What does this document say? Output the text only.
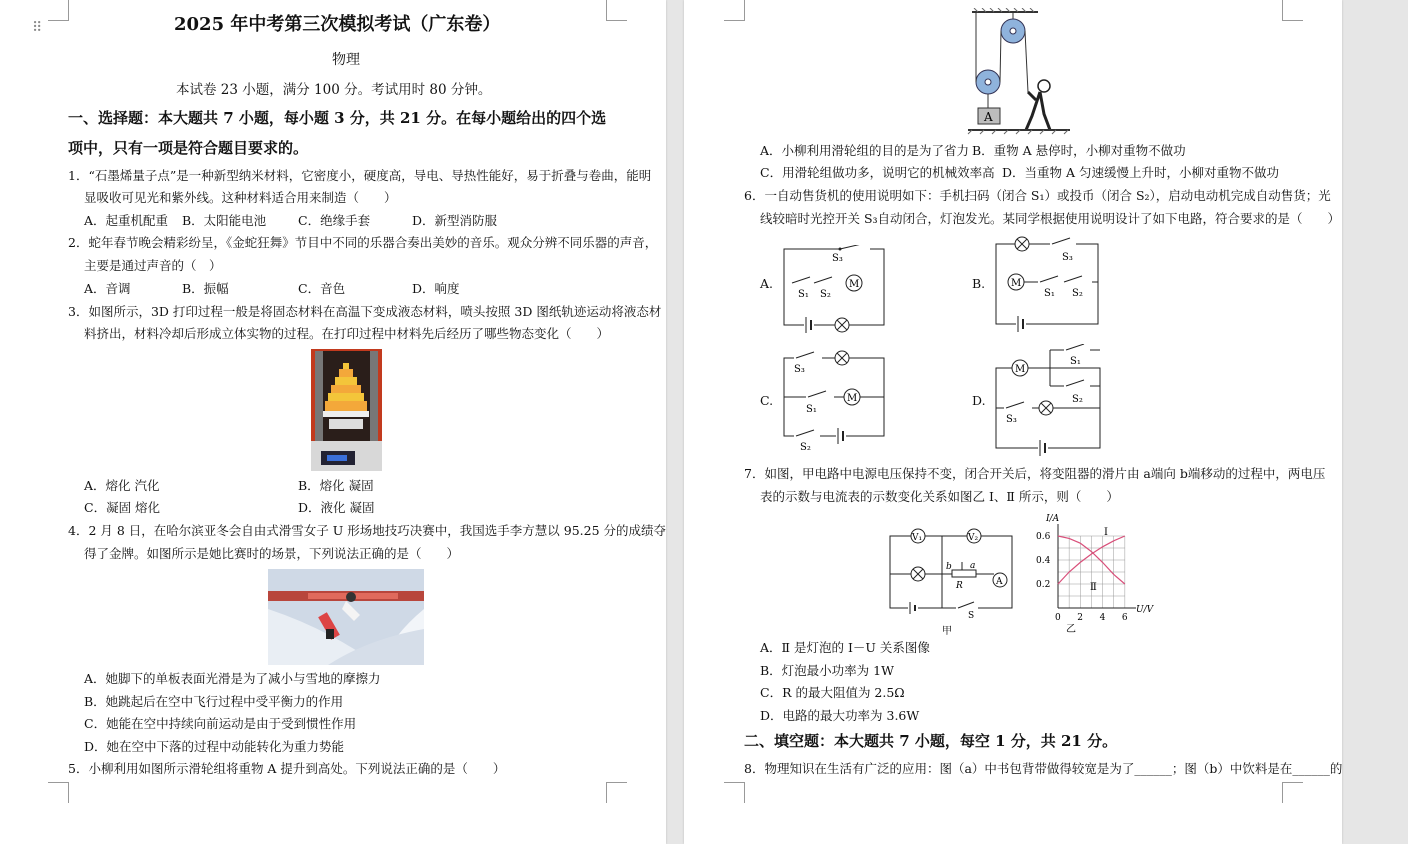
⠿	2025 年中考第三次模拟考试（广东卷）
物理
本试卷 23 小题，满分 100 分。考试用时 80 分钟。
一、选择题：本大题共 7 小题，每小题 3 分，共 21 分。在每小题给出的四个选
项中，只有一项是符合题目要求的。
1．“石墨烯量子点”是一种新型纳米材料，它密度小，硬度高，导电、导热性能好，易于折叠与卷曲，能明
显吸收可见光和紫外线。这种材料适合用来制造（　　）
A．起重机配重 B．太阳能电池	C．绝缘手套	D．新型消防服
2．蛇年春节晚会精彩纷呈，《金蛇狂舞》节目中不同的乐器合奏出美妙的音乐。观众分辨不同乐器的声音，
主要是通过声音的（　）
A．音调	B．振幅	C．音色	D．响度
3．如图所示，3D 打印过程一般是将固态材料在高温下变成液态材料，喷头按照 3D 图纸轨迹运动将液态材
料挤出，材料冷却后形成立体实物的过程。在打印过程中材料先后经历了哪些物态变化（　　）
A．熔化 汽化	B．熔化 凝固
C．凝固 熔化	D．液化 凝固
4．2 月 8 日，在哈尔滨亚冬会自由式滑雪女子 U 形场地技巧决赛中，我国选手李方慧以 95.25 分的成绩夺
得了金牌。如图所示是她比赛时的场景，下列说法正确的是（　　）
A．她脚下的单板表面光滑是为了减小与雪地的摩擦力
B．她跳起后在空中飞行过程中受平衡力的作用
C．她能在空中持续向前运动是由于受到惯性作用
D．她在空中下落的过程中动能转化为重力势能
5．小柳利用如图所示滑轮组将重物 A 提升到高处。下列说法正确的是（　　）
A
A．小柳利用滑轮组的目的是为了省力 B．重物 A 悬停时，小柳对重物不做功
C．用滑轮组做功多，说明它的机械效率高 D．当重物 A 匀速缓慢上升时，小柳对重物不做功
6．一自动售货机的使用说明如下：手机扫码（闭合 S₁）或投币（闭合 S₂），启动电动机完成自动售货；光
线较暗时光控开关 S₃自动闭合，灯泡发光。某同学根据使用说明设计了如下电路，符合要求的是（　　）
A.
S₃
S₁ S₂
M	B.
S₃
M
S₁ S₂
C.
S₃
S₁
M
S₂
D.
M
S₁
S₂
S₃
7．如图，甲电路中电源电压保持不变，闭合开关后，将变阻器的滑片由 a端向 b端移动的过程中，两电压
表的示数与电流表的示数变化关系如图乙 Ⅰ、Ⅱ 所示，则（　　）
V₁	V₂
b a
R	A
S
甲
0 2 4 6
0.2
0.4
0.6
I/A
U/V
Ⅰ
Ⅱ
乙
A．Ⅱ 是灯泡的 I－U 关系图像
B．灯泡最小功率为 1W
C．R 的最大阻值为 2.5Ω
D．电路的最大功率为 3.6W
二、填空题：本大题共 7 小题，每空 1 分，共 21 分。
8．物理知识在生活有广泛的应用：图（a）中书包背带做得较宽是为了______；图（b）中饮料是在______的
